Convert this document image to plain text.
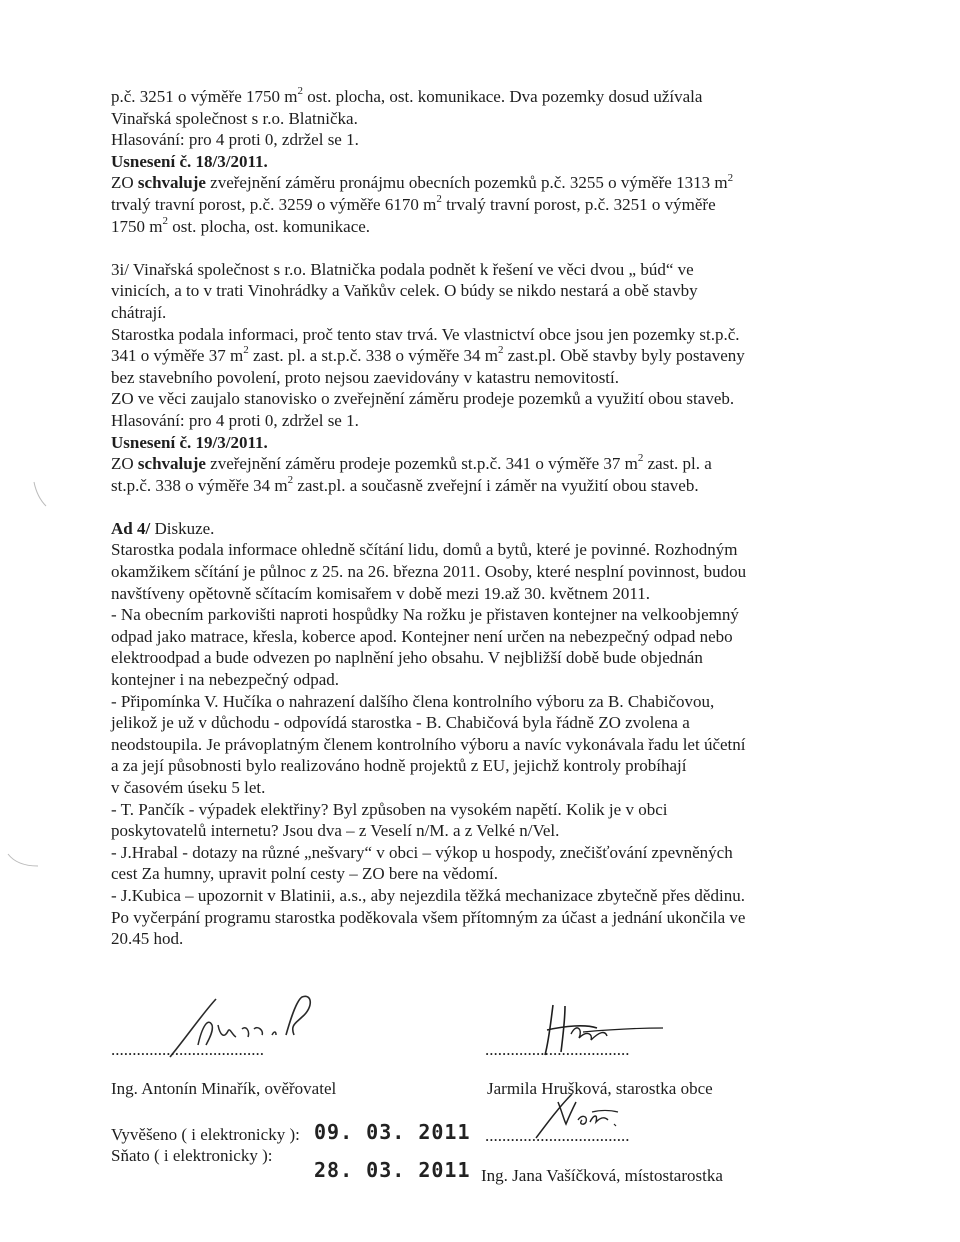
p.č. 3251 o výměře 1750 $m^2$ ost. plocha, ost. komunikace. Dva pozemky dosud užívala
Vinařská společnost s r.o. Blatnička.
Hlasování: pro 4 proti 0, zdržel se 1.
Usnesení č. 18/3/2011.
ZO schvaluje zveřejnění záměru pronájmu obecních pozemků p.č. 3255 o výměře 1313 $m^2$
trvalý travní porost, p.č. 3259 o výměře 6170 $m^2$ trvalý travní porost, p.č. 3251 o výměře
1750 $m^2$ ost. plocha, ost. komunikace.
3i/ Vinařská společnost s r.o. Blatnička podala podnět k řešení ve věci dvou „ búd“ ve
vinicích, a to v trati Vinohrádky a Vaňkův celek. O búdy se nikdo nestará a obě stavby
chátrají.
Starostka podala informaci, proč tento stav trvá. Ve vlastnictví obce jsou jen pozemky st.p.č.
341 o výměře 37 $m^2$ zast. pl. a st.p.č. 338 o výměře 34 $m^2$ zast.pl. Obě stavby byly postaveny
bez stavebního povolení, proto nejsou zaevidovány v katastru nemovitostí.
ZO ve věci zaujalo stanovisko o zveřejnění záměru prodeje pozemků a využití obou staveb.
Hlasování: pro 4 proti 0, zdržel se 1.
Usnesení č. 19/3/2011.
ZO schvaluje zveřejnění záměru prodeje pozemků st.p.č. 341 o výměře 37 $m^2$ zast. pl. a
st.p.č. 338 o výměře 34 $m^2$ zast.pl. a současně zveřejní i záměr na využití obou staveb.
Ad 4/ Diskuze.
Starostka podala informace ohledně sčítání lidu, domů a bytů, které je povinné. Rozhodným
okamžikem sčítání je půlnoc z 25. na 26. března 2011. Osoby, které nesplní povinnost, budou
navštíveny opětovně sčítacím komisařem v době mezi 19.až 30. květnem 2011.
- Na obecním parkovišti naproti hospůdky Na rožku je přistaven kontejner na velkoobjemný
odpad jako matrace, křesla, koberce apod. Kontejner není určen na nebezpečný odpad nebo
elektroodpad a bude odvezen po naplnění jeho obsahu. V nejbližší době bude objednán
kontejner i na nebezpečný odpad.
- Připomínka V. Hučíka o nahrazení dalšího člena kontrolního výboru za B. Chabičovou,
jelikož je už v důchodu - odpovídá starostka - B. Chabičová byla řádně ZO zvolena a
neodstoupila. Je právoplatným členem kontrolního výboru a navíc vykonávala řadu let účetní
a za její působnosti bylo realizováno hodně projektů z EU, jejichž kontroly probíhají
v časovém úseku 5 let.
- T. Pančík - výpadek elektřiny? Byl způsoben na vysokém napětí. Kolik je v obci
poskytovatelů internetu? Jsou dva – z Veselí n/M. a z Velké n/Vel.
- J.Hrabal - dotazy na různé „nešvary“ v obci – výkop u hospody, znečišťování zpevněných
cest Za humny, upravit polní cesty – ZO bere na vědomí.
- J.Kubica – upozornit v Blatinii, a.s., aby nejezdila těžká mechanizace zbytečně přes dědinu.
Po vyčerpání programu starostka poděkovala všem přítomným za účast a jednání ukončila ve
20.45 hod.
....................................
Ing. Antonín Minařík, ověřovatel
..................................
Jarmila Hrušková, starostka obce
Vyvěšeno ( i elektronicky ):
Sňato ( i elektronicky ):
09. 03. 2011
28. 03. 2011
..................................
Ing. Jana Vašíčková, místostarostka
